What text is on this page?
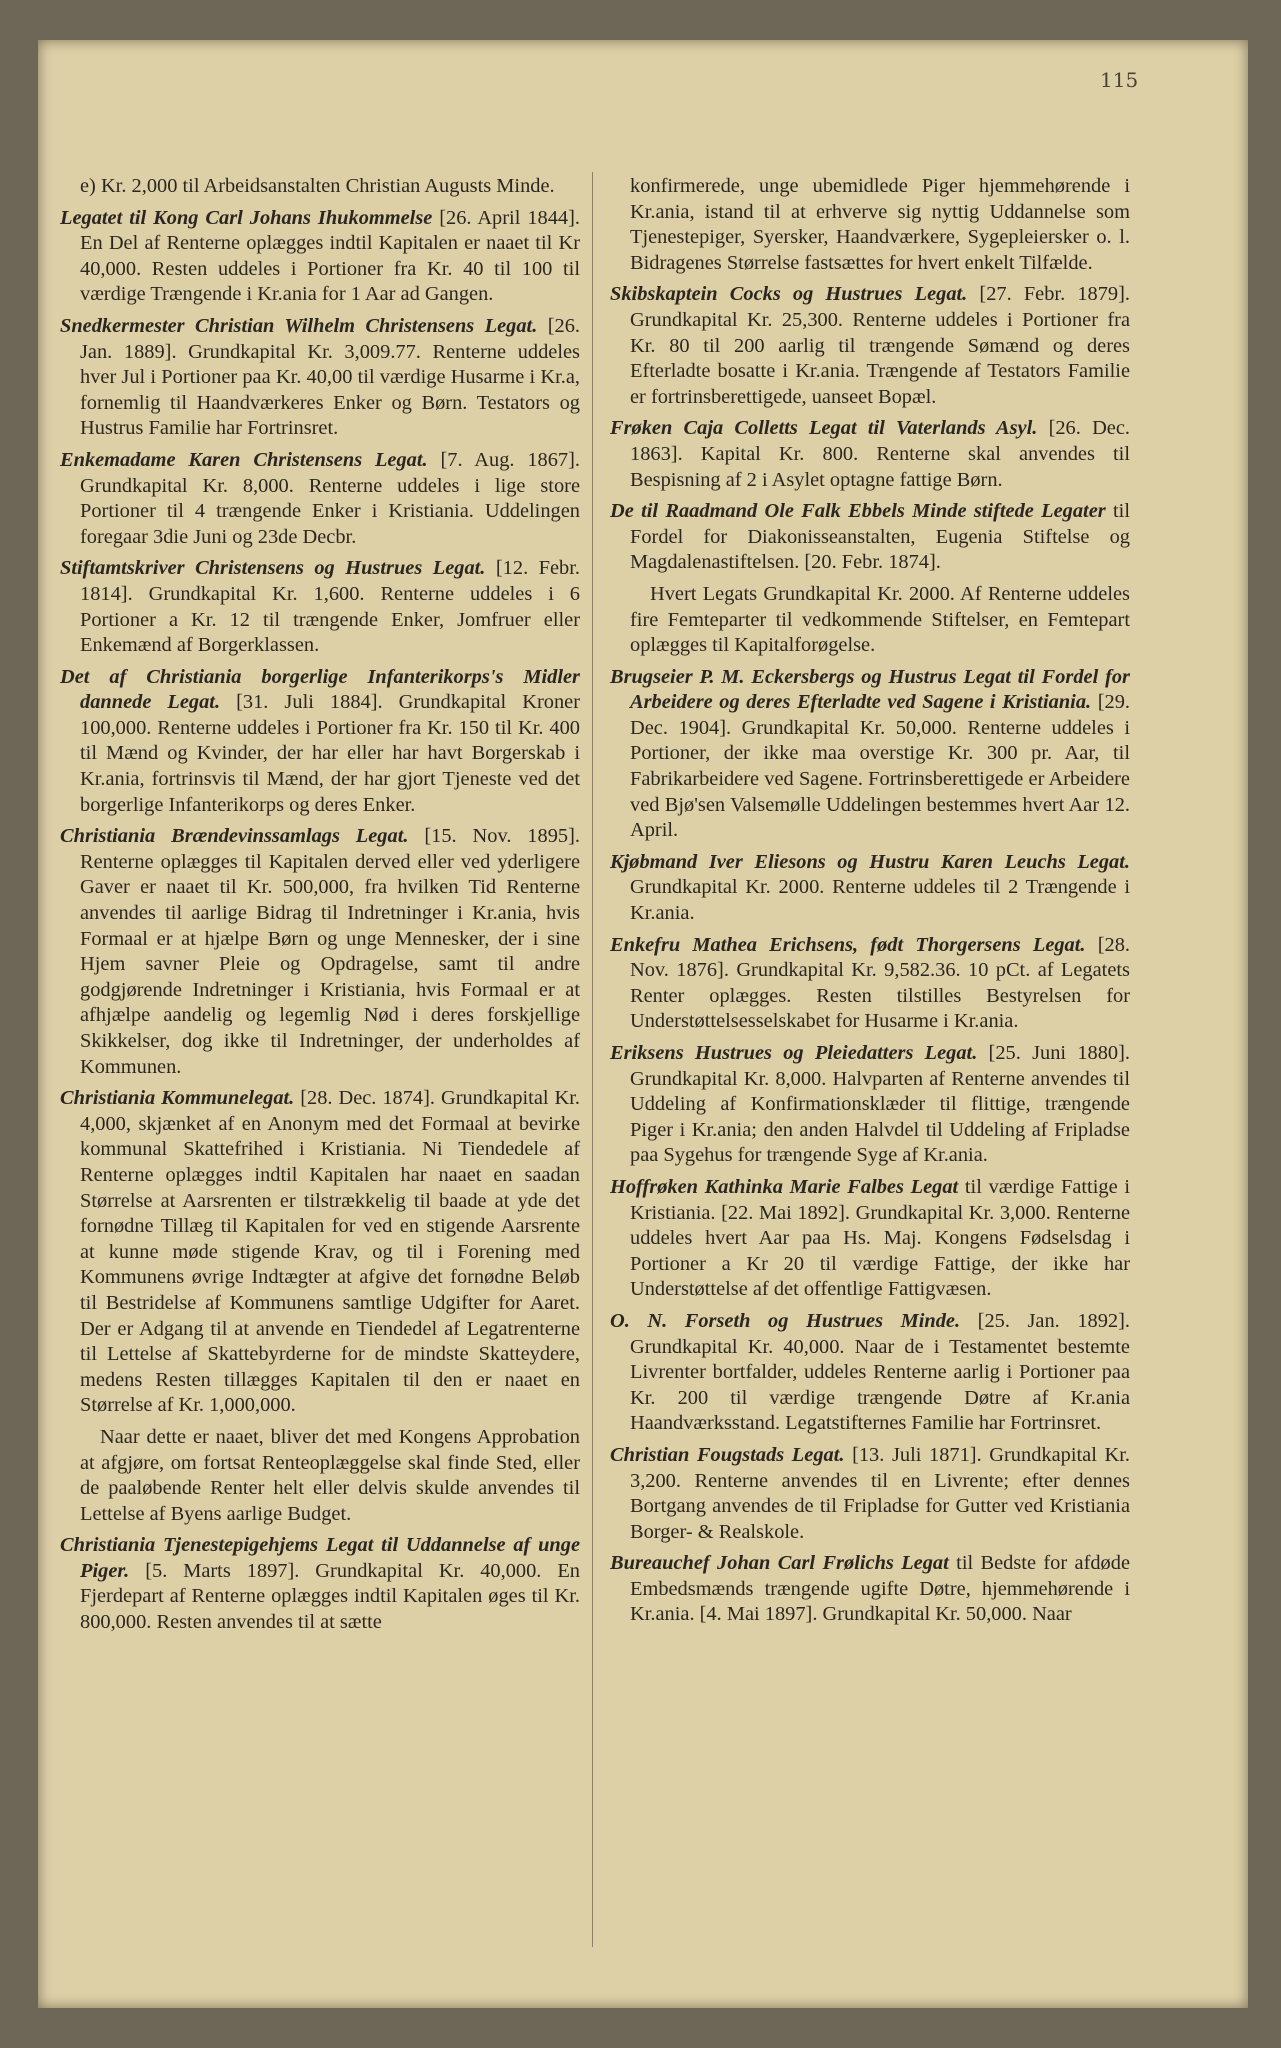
115

e) Kr. 2,000 til Arbeidsanstalten Christian Augusts Minde.

Legatet til Kong Carl Johans Ihukommelse [26. April 1844]. En Del af Renterne oplægges indtil Kapitalen er naaet til Kr 40,000. Resten uddeles i Portioner fra Kr. 40 til 100 til værdige Trængende i Kr.ania for 1 Aar ad Gangen.

Snedkermester Christian Wilhelm Christensens Legat. [26. Jan. 1889]. Grundkapital Kr. 3,009.77. Renterne uddeles hver Jul i Portioner paa Kr. 40,00 til værdige Husarme i Kr.a, fornemlig til Haandværkeres Enker og Børn. Testators og Hustrus Familie har Fortrinsret.

Enkemadame Karen Christensens Legat. [7. Aug. 1867]. Grundkapital Kr. 8,000. Renterne uddeles i lige store Portioner til 4 trængende Enker i Kristiania. Uddelingen foregaar 3die Juni og 23de Decbr.

Stiftamtskriver Christensens og Hustrues Legat. [12. Febr. 1814]. Grundkapital Kr. 1,600. Renterne uddeles i 6 Portioner a Kr. 12 til trængende Enker, Jomfruer eller Enkemænd af Borgerklassen.

Det af Christiania borgerlige Infanterikorps's Midler dannede Legat. [31. Juli 1884]. Grundkapital Kroner 100,000. Renterne uddeles i Portioner fra Kr. 150 til Kr. 400 til Mænd og Kvinder, der har eller har havt Borgerskab i Kr.ania, fortrinsvis til Mænd, der har gjort Tjeneste ved det borgerlige Infanterikorps og deres Enker.

Christiania Brændevinssamlags Legat. [15. Nov. 1895]. Renterne oplægges til Kapitalen derved eller ved yderligere Gaver er naaet til Kr. 500,000, fra hvilken Tid Renterne anvendes til aarlige Bidrag til Indretninger i Kr.ania, hvis Formaal er at hjælpe Børn og unge Mennesker, der i sine Hjem savner Pleie og Opdragelse, samt til andre godgjørende Indretninger i Kristiania, hvis Formaal er at afhjælpe aandelig og legemlig Nød i deres forskjellige Skikkelser, dog ikke til Indretninger, der underholdes af Kommunen.

Christiania Kommunelegat. [28. Dec. 1874]. Grundkapital Kr. 4,000, skjænket af en Anonym med det Formaal at bevirke kommunal Skattefrihed i Kristiania. Ni Tiendedele af Renterne oplægges indtil Kapitalen har naaet en saadan Størrelse at Aarsrenten er tilstrækkelig til baade at yde det fornødne Tillæg til Kapitalen for ved en stigende Aarsrente at kunne møde stigende Krav, og til i Forening med Kommunens øvrige Indtægter at afgive det fornødne Beløb til Bestridelse af Kommunens samtlige Udgifter for Aaret. Der er Adgang til at anvende en Tiendedel af Legatrenterne til Lettelse af Skattebyrderne for de mindste Skatteydere, medens Resten tillægges Kapitalen til den er naaet en Størrelse af Kr. 1,000,000.

Naar dette er naaet, bliver det med Kongens Approbation at afgjøre, om fortsat Renteoplæggelse skal finde Sted, eller de paaløbende Renter helt eller delvis skulde anvendes til Lettelse af Byens aarlige Budget.

Christiania Tjenestepigehjems Legat til Uddannelse af unge Piger. [5. Marts 1897]. Grundkapital Kr. 40,000. En Fjerdepart af Renterne oplægges indtil Kapitalen øges til Kr. 800,000. Resten anvendes til at sætte

konfirmerede, unge ubemidlede Piger hjemmehørende i Kr.ania, istand til at erhverve sig nyttig Uddannelse som Tjenestepiger, Syersker, Haandværkere, Sygepleiersker o. l. Bidragenes Størrelse fastsættes for hvert enkelt Tilfælde.

Skibskaptein Cocks og Hustrues Legat. [27. Febr. 1879]. Grundkapital Kr. 25,300. Renterne uddeles i Portioner fra Kr. 80 til 200 aarlig til trængende Sømænd og deres Efterladte bosatte i Kr.ania. Trængende af Testators Familie er fortrinsberettigede, uanseet Bopæl.

Frøken Caja Colletts Legat til Vaterlands Asyl. [26. Dec. 1863]. Kapital Kr. 800. Renterne skal anvendes til Bespisning af 2 i Asylet optagne fattige Børn.

De til Raadmand Ole Falk Ebbels Minde stiftede Legater til Fordel for Diakonisseanstalten, Eugenia Stiftelse og Magdalenastiftelsen. [20. Febr. 1874].

Hvert Legats Grundkapital Kr. 2000. Af Renterne uddeles fire Femteparter til vedkommende Stiftelser, en Femtepart oplægges til Kapitalforøgelse.

Brugseier P. M. Eckersbergs og Hustrus Legat til Fordel for Arbeidere og deres Efterladte ved Sagene i Kristiania. [29. Dec. 1904]. Grundkapital Kr. 50,000. Renterne uddeles i Portioner, der ikke maa overstige Kr. 300 pr. Aar, til Fabrikarbeidere ved Sagene. Fortrinsberettigede er Arbeidere ved Bjø'sen Valsemølle Uddelingen bestemmes hvert Aar 12. April.

Kjøbmand Iver Eliesons og Hustru Karen Leuchs Legat. Grundkapital Kr. 2000. Renterne uddeles til 2 Trængende i Kr.ania.

Enkefru Mathea Erichsens, født Thorgersens Legat. [28. Nov. 1876]. Grundkapital Kr. 9,582.36. 10 pCt. af Legatets Renter oplægges. Resten tilstilles Bestyrelsen for Understøttelsesselskabet for Husarme i Kr.ania.

Eriksens Hustrues og Pleiedatters Legat. [25. Juni 1880]. Grundkapital Kr. 8,000. Halvparten af Renterne anvendes til Uddeling af Konfirmationsklæder til flittige, trængende Piger i Kr.ania; den anden Halvdel til Uddeling af Fripladse paa Sygehus for trængende Syge af Kr.ania.

Hoffrøken Kathinka Marie Falbes Legat til værdige Fattige i Kristiania. [22. Mai 1892]. Grundkapital Kr. 3,000. Renterne uddeles hvert Aar paa Hs. Maj. Kongens Fødselsdag i Portioner a Kr 20 til værdige Fattige, der ikke har Understøttelse af det offentlige Fattigvæsen.

O. N. Forseth og Hustrues Minde. [25. Jan. 1892]. Grundkapital Kr. 40,000. Naar de i Testamentet bestemte Livrenter bortfalder, uddeles Renterne aarlig i Portioner paa Kr. 200 til værdige trængende Døtre af Kr.ania Haandværksstand. Legatstifternes Familie har Fortrinsret.

Christian Fougstads Legat. [13. Juli 1871]. Grundkapital Kr. 3,200. Renterne anvendes til en Livrente; efter dennes Bortgang anvendes de til Fripladse for Gutter ved Kristiania Borger- & Realskole.

Bureauchef Johan Carl Frølichs Legat til Bedste for afdøde Embedsmænds trængende ugifte Døtre, hjemmehørende i Kr.ania. [4. Mai 1897]. Grundkapital Kr. 50,000. Naar
